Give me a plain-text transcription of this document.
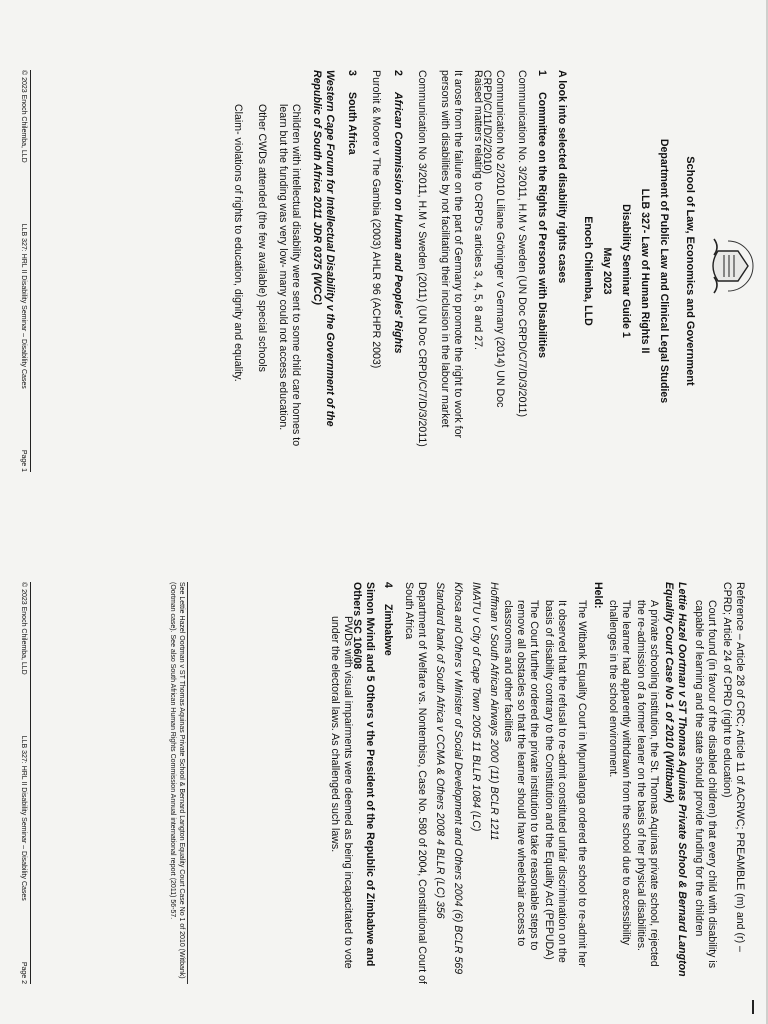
School of Law, Economics and Government
Department of Public Law and Clinical Legal Studies
LLB 327- Law of Human Rights II
Disability Seminar Guide 1
May 2023
Enoch Chilemba, LLD
A look into selected disability rights cases
1Committee on the Rights of Persons with Disabilities
Communication No. 3/2011, H.M v Sweden (UN Doc CRPD/C/7/D/3/2011)
Communication No 2/2010 Liliane Gröninger v Germany (2014) UN Doc CRPD/C/11/D/2/2010)
Raised matters relating to CRPD's articles 3, 4, 5, 8 and 27.
It arose from the failure on the part of Germany to promote the right to work for persons with disabilities by not facilitating their inclusion in the labour market
Communication No 3/2011, H.M v Sweden (2011) (UN Doc CRPD/C/7/D/3/2011)
2African Commission on Human and Peoples' Rights
Purohit & Moore v The Gambia (2003) AHLR 96 (ACHPR 2003)
3South Africa
Western Cape Forum for Intellectual Disability v the Government of the Republic of South Africa 2011 JDR 0375 (WCC)
Children with intellectual disability were sent to some child care homes to learn but the funding was very low- many could not access education.
Other CWDs attended (the few available) special schools
Claim- violations of rights to education, dignity and equality.
© 2023 Enoch Chilemba, LLD
LLB 327: HRL II Disability Seminar – Disability Cases
Page 1
Reference – Article 28 of CRC; Article 11 of ACRWC; PREAMBLE (m) and (r) – CPRD; Article 24 of CPRD (right to education)
Court found (in favour of the disabled children) that every child with disability is capable of learning and the state should provide funding for the children
Lettie Hazel Oortman v ST Thomas Aquinas Private School & Bernard Langton Equality Court Case No 1 of 2010 (Wittbank)
A private schooling institution, the St. Thomas Aquinas private school, rejected the re-admission of a former leaner on the basis of her physical disabilities.
The learner had apparently withdrawn from the school due to accessibility challenges in the school environment.
Held:
The Witbank Equality Court in Mpumalanga ordered the school to re-admit her
It observed that the refusal to re-admit constituted unfair discrimination on the basis of disability contrary to the Constitution and the Equality Act (PEPUDA)
The Court further ordered the private institution to take reasonable steps to remove all obstacles so that the learner should have wheelchair access to classrooms and other facilities
Hoffman v South African Airways 2000 (11) BCLR 1211
IMATU v City of Cape Town 2005 11 BLLR 1084 (LC)
Khosa and Others v Minister of Social Development and Others 2004 (6) BCLR 569
Standard bank of South Africa v CCMA & Others 2008 4 BLLR (LC) 356
Department of Welfare vs. Nontembiso, Case No. 580 of 2004, Constitutional Court of South Africa
4Zimbabwe
Simon Mvindi and 5 Others v the President of the Republic of Zimbabwe and Others SC 106/08
PWDs with visual impairments were deemed as being incapacitated to vote under the electoral laws. As challenged such laws.
See Lettie Hazel Oortman v ST Thomas Aquinas Private School & Bernard Langton Equality Court Case No 1 of 2010 (Witbank) (Oortman case). See also South African Human Rights Commission Annual international report (2011) 56-57.
© 2023 Enoch Chilemba, LLD
LLB 327: HRL II Disability Seminar – Disability Cases
Page 2
